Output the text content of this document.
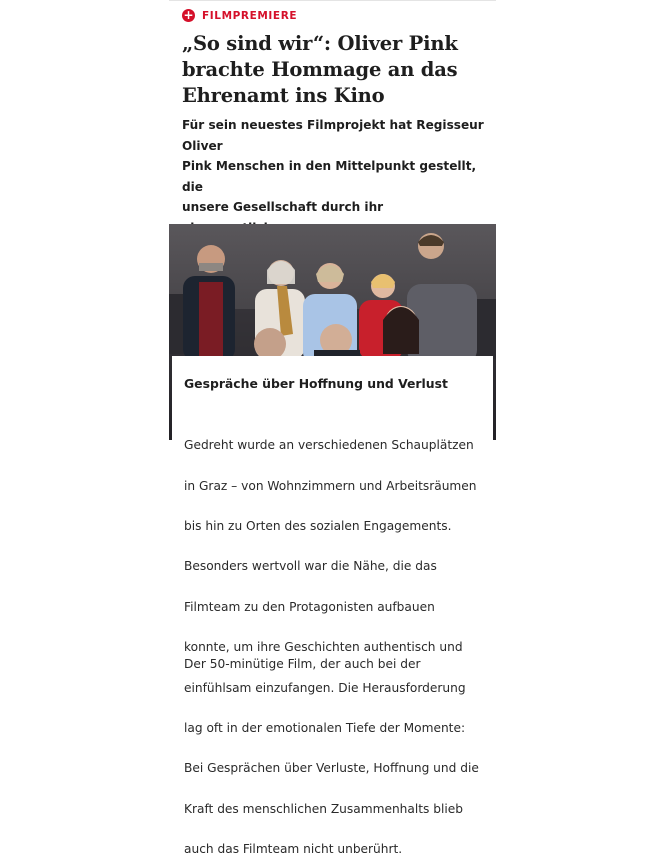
+ FILMPREMIERE
„So sind wir“: Oliver Pink
brachte Hommage an das
Ehrenamt ins Kino

Für sein neuestes Filmprojekt hat Regisseur Oliver
Pink Menschen in den Mittelpunkt gestellt, die
unsere Gesellschaft durch ihr

Gespräche über Hoffnung und Verlust

Gedreht wurde an verschiedenen Schauplätzen

in Graz – von Wohnzimmern und Arbeitsräumen

bis hin zu Orten des sozialen Engagements.

Besonders wertvoll war die Nähe, die das

Filmteam zu den Protagonisten aufbauen

konnte, um ihre Geschichten authentisch und

einfühlsam einzufangen. Die Herausforderung

lag oft in der emotionalen Tiefe der Momente:

Bei Gesprächen über Verluste, Hoffnung und die

Kraft des menschlichen Zusammenhalts blieb

auch das Filmteam nicht unberührt.

Der 50-minütige Film, der auch bei der
